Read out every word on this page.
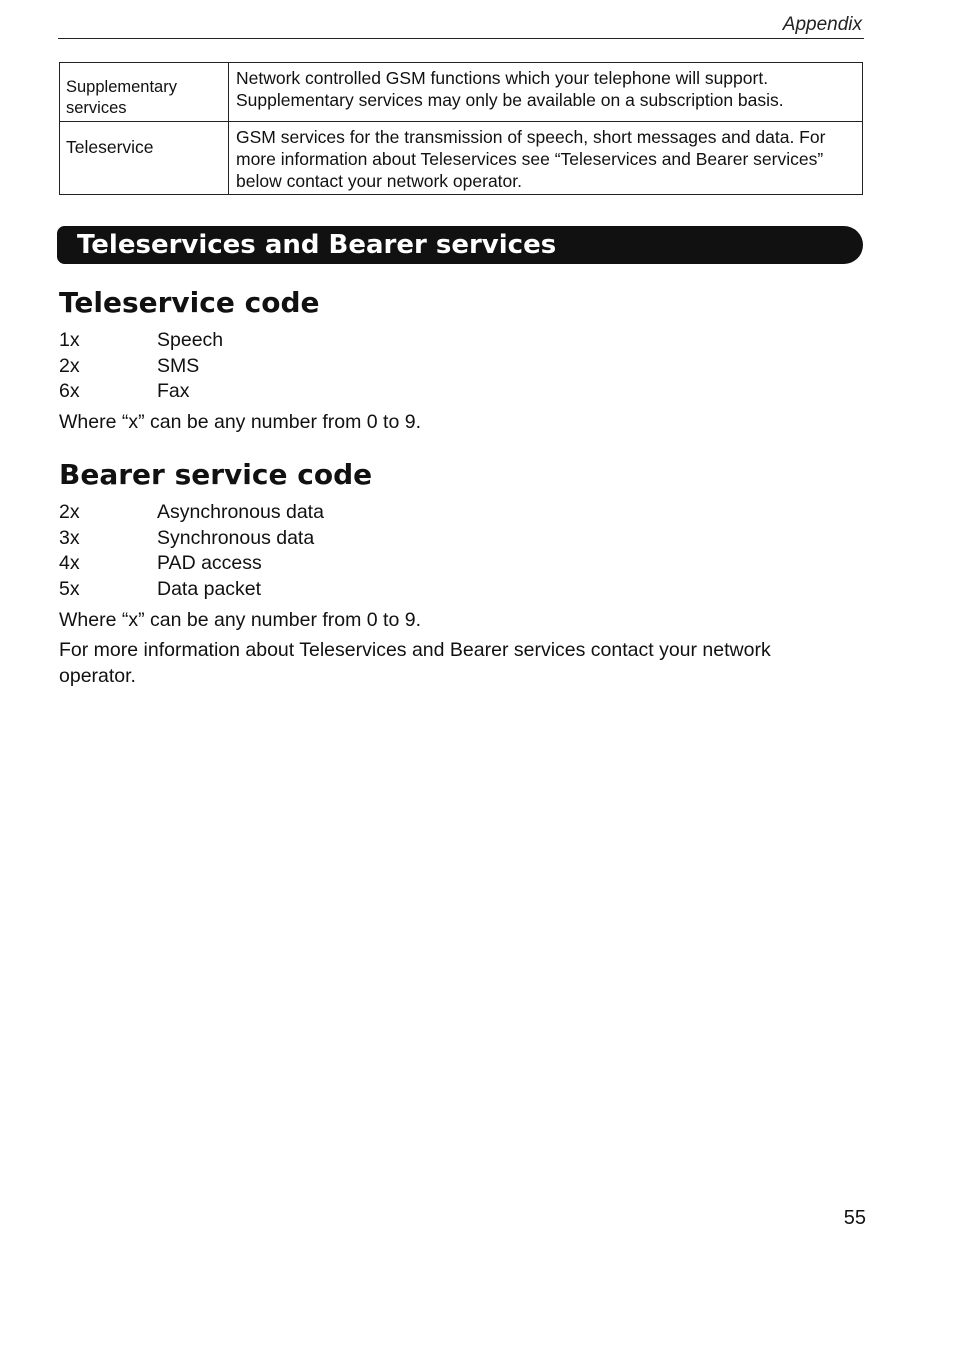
Appendix
Supplementary services	Network controlled GSM functions which your telephone will support. Supplementary services may only be available on a subscription basis.
Teleservice	GSM services for the transmission of speech, short messages and data. For more information about Teleservices see “Teleservices and Bearer services” below contact your network operator.
Teleservices and Bearer services
Teleservice code
1x	Speech
2x	SMS
6x	Fax

Where “x” can be any number from 0 to 9.

Bearer service code
2x	Asynchronous data
3x	Synchronous data
4x	PAD access
5x	Data packet

Where “x” can be any number from 0 to 9.

For more information about Teleservices and Bearer services contact your network operator.

55
